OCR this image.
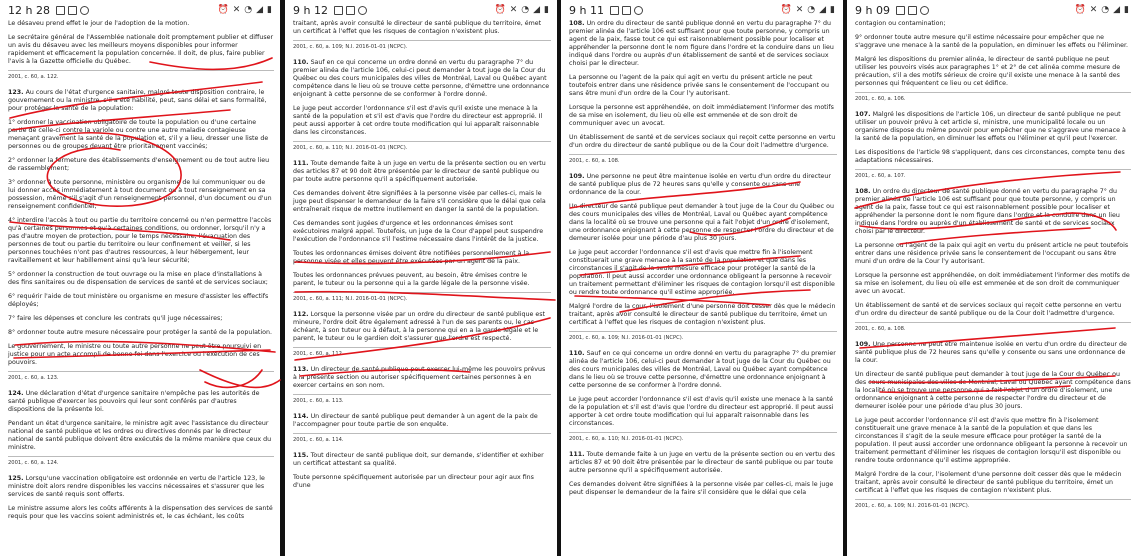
12 h 28	⏰ ✕ ◔ ◢ ▮

Le désaveu prend effet le jour de l'adoption de la motion.

Le secrétaire général de l'Assemblée nationale doit promptement publier et diffuser un avis du désaveu avec les meilleurs moyens disponibles pour informer rapidement et efficacement la population concernée. Il doit, de plus, faire publier l'avis à la Gazette officielle du Québec.

2001, c. 60, a. 122.

123. Au cours de l'état d'urgence sanitaire, malgré toute disposition contraire, le gouvernement ou la ministre, s'il a été habilité, peut, sans délai et sans formalité, pour protéger la santé de la population:

1° ordonner la vaccination obligatoire de toute la population ou d'une certaine partie de celle-ci contre la variole ou contre une autre maladie contagieuse menaçant gravement la santé de la population et, s'il y a lieu, dresser une liste de personnes ou de groupes devant être prioritairement vaccinés;

2° ordonner la fermeture des établissements d'enseignement ou de tout autre lieu de rassemblement;

3° ordonner à toute personne, ministère ou organisme de lui communiquer ou de lui donner accès immédiatement à tout document ou à tout renseignement en sa possession, même s'il s'agit d'un renseignement personnel, d'un document ou d'un renseignement confidentiel;

4° interdire l'accès à tout ou partie du territoire concerné ou n'en permettre l'accès qu'à certaines personnes et qu'à certaines conditions, ou ordonner, lorsqu'il n'y a pas d'autre moyen de protection, pour le temps nécessaire, l'évacuation des personnes de tout ou partie du territoire ou leur confinement et veiller, si les personnes touchées n'ont pas d'autres ressources, à leur hébergement, leur ravitaillement et leur habillement ainsi qu'à leur sécurité;

5° ordonner la construction de tout ouvrage ou la mise en place d'installations à des fins sanitaires ou de dispensation de services de santé et de services sociaux;

6° requérir l'aide de tout ministère ou organisme en mesure d'assister les effectifs déployés;

7° faire les dépenses et conclure les contrats qu'il juge nécessaires;

8° ordonner toute autre mesure nécessaire pour protéger la santé de la population.

Le gouvernement, le ministre ou toute autre personne ne peut être poursuivi en justice pour un acte accompli de bonne foi dans l'exercice ou l'exécution de ces pouvoirs.

2001, c. 60, a. 123.

124. Une déclaration d'état d'urgence sanitaire n'empêche pas les autorités de santé publique d'exercer les pouvoirs qui leur sont conférés par d'autres dispositions de la présente loi.

Pendant un état d'urgence sanitaire, le ministre agit avec l'assistance du directeur national de santé publique et les ordres ou directives donnés par le directeur national de santé publique doivent être exécutés de la même manière que ceux du ministre.

2001, c. 60, a. 124.

125. Lorsqu'une vaccination obligatoire est ordonnée en vertu de l'article 123, le ministre doit alors rendre disponibles les vaccins nécessaires et s'assurer que les services de santé requis sont offerts.

Le ministre assume alors les coûts afférents à la dispensation des services de santé requis pour que les vaccins soient administrés et, le cas échéant, les coûts

9 h 12	⏰ ✕ ◔ ◢ ▮

traitant, après avoir consulté le directeur de santé publique du territoire, émet un certificat à l'effet que les risques de contagion n'existent plus.

2001, c. 60, a. 109; N.I. 2016-01-01 (NCPC).

110. Sauf en ce qui concerne un ordre donné en vertu du paragraphe 7° du premier alinéa de l'article 106, celui-ci peut demander à tout juge de la Cour du Québec ou des cours municipales des villes de Montréal, Laval ou Québec ayant compétence dans le lieu où se trouve cette personne, d'émettre une ordonnance enjoignant à cette personne de se conformer à l'ordre donné.

Le juge peut accorder l'ordonnance s'il est d'avis qu'il existe une menace à la santé de la population et s'il est d'avis que l'ordre du directeur est approprié. Il peut aussi apporter à cet ordre toute modification qui lui apparaît raisonnable dans les circonstances.

2001, c. 60, a. 110; N.I. 2016-01-01 (NCPC).

111. Toute demande faite à un juge en vertu de la présente section ou en vertu des articles 87 et 90 doit être présentée par le directeur de santé publique ou par toute autre personne qu'il a spécifiquement autorisée.

Ces demandes doivent être signifiées à la personne visée par celles-ci, mais le juge peut dispenser le demandeur de la faire s'il considère que le délai que cela entraînerait risque de mettre inutilement en danger la santé de la population.

Ces demandes sont jugées d'urgence et les ordonnances émises sont exécutoires malgré appel. Toutefois, un juge de la Cour d'appel peut suspendre l'exécution de l'ordonnance s'il l'estime nécessaire dans l'intérêt de la justice.

Toutes les ordonnances émises doivent être notifiées personnellement à la personne visée et elles peuvent être exécutées par un agent de la paix.

Toutes les ordonnances prévues peuvent, au besoin, être émises contre le parent, le tuteur ou la personne qui a la garde légale de la personne visée.

2001, c. 60, a. 111; N.I. 2016-01-01 (NCPC).

112. Lorsque la personne visée par un ordre du directeur de santé publique est mineure, l'ordre doit être également adressé à l'un de ses parents ou, le cas échéant, à son tuteur ou à défaut, à la personne qui en a la garde légale et le parent, le tuteur ou le gardien doit s'assurer que l'ordre est respecté.

2001, c. 60, a. 112.

113. Un directeur de santé publique peut exercer lui-même les pouvoirs prévus à la présente section ou autoriser spécifiquement certaines personnes à en exercer certains en son nom.

2001, c. 60, a. 113.

114. Un directeur de santé publique peut demander à un agent de la paix de l'accompagner pour toute partie de son enquête.

2001, c. 60, a. 114.

115. Tout directeur de santé publique doit, sur demande, s'identifier et exhiber un certificat attestant sa qualité.

Toute personne spécifiquement autorisée par un directeur pour agir aux fins d'une

9 h 11	⏰ ✕ ◔ ◢ ▮

108. Un ordre du directeur de santé publique donné en vertu du paragraphe 7° du premier alinéa de l'article 106 est suffisant pour que toute personne, y compris un agent de la paix, fasse tout ce qui est raisonnablement possible pour localiser et appréhender la personne dont le nom figure dans l'ordre et la conduire dans un lieu indiqué dans l'ordre ou auprès d'un établissement de santé et de services sociaux choisi par le directeur.

La personne ou l'agent de la paix qui agit en vertu du présent article ne peut toutefois entrer dans une résidence privée sans le consentement de l'occupant ou sans être muni d'un ordre de la Cour l'y autorisant.

Lorsque la personne est appréhendée, on doit immédiatement l'informer des motifs de sa mise en isolement, du lieu où elle est emmenée et de son droit de communiquer avec un avocat.

Un établissement de santé et de services sociaux qui reçoit cette personne en vertu d'un ordre du directeur de santé publique ou de la Cour doit l'admettre d'urgence.

2001, c. 60, a. 108.

109. Une personne ne peut être maintenue isolée en vertu d'un ordre du directeur de santé publique plus de 72 heures sans qu'elle y consente ou sans une ordonnance de la cour.

Un directeur de santé publique peut demander à tout juge de la Cour du Québec ou des cours municipales des villes de Montréal, Laval ou Québec ayant compétence dans la localité où se trouve une personne qui a fait l'objet d'un ordre d'isolement, une ordonnance enjoignant à cette personne de respecter l'ordre du directeur et de demeurer isolée pour une période d'au plus 30 jours.

Le juge peut accorder l'ordonnance s'il est d'avis que mettre fin à l'isolement constituerait une grave menace à la santé de la population et que dans les circonstances il s'agit de la seule mesure efficace pour protéger la santé de la population. Il peut aussi accorder une ordonnance obligeant la personne à recevoir un traitement permettant d'éliminer les risques de contagion lorsqu'il est disponible ou rendre toute ordonnance qu'il estime appropriée.

Malgré l'ordre de la cour, l'isolement d'une personne doit cesser dès que le médecin traitant, après avoir consulté le directeur de santé publique du territoire, émet un certificat à l'effet que les risques de contagion n'existent plus.

2001, c. 60, a. 109; N.I. 2016-01-01 (NCPC).

110. Sauf en ce qui concerne un ordre donné en vertu du paragraphe 7° du premier alinéa de l'article 106, celui-ci peut demander à tout juge de la Cour du Québec ou des cours municipales des villes de Montréal, Laval ou Québec ayant compétence dans le lieu où se trouve cette personne, d'émettre une ordonnance enjoignant à cette personne de se conformer à l'ordre donné.

Le juge peut accorder l'ordonnance s'il est d'avis qu'il existe une menace à la santé de la population et s'il est d'avis que l'ordre du directeur est approprié. Il peut aussi apporter à cet ordre toute modification qui lui apparaît raisonnable dans les circonstances.

2001, c. 60, a. 110; N.I. 2016-01-01 (NCPC).

111. Toute demande faite à un juge en vertu de la présente section ou en vertu des articles 87 et 90 doit être présentée par le directeur de santé publique ou par toute autre personne qu'il a spécifiquement autorisée.

Ces demandes doivent être signifiées à la personne visée par celles-ci, mais le juge peut dispenser le demandeur de la faire s'il considère que le délai que cela

9 h 09	⏰ ✕ ◔ ◢ ▮

contagion ou contamination;

9° ordonner toute autre mesure qu'il estime nécessaire pour empêcher que ne s'aggrave une menace à la santé de la population, en diminuer les effets ou l'éliminer.

Malgré les dispositions du premier alinéa, le directeur de santé publique ne peut utiliser les pouvoirs visés aux paragraphes 1° et 2° de cet alinéa comme mesure de précaution, s'il a des motifs sérieux de croire qu'il existe une menace à la santé des personnes qui fréquentent ce lieu ou cet édifice.

2001, c. 60, a. 106.

107. Malgré les dispositions de l'article 106, un directeur de santé publique ne peut utiliser un pouvoir prévu à cet article si, ministre, une municipalité locale ou un organisme dispose du même pouvoir pour empêcher que ne s'aggrave une menace à la santé de la population, en diminuer les effets ou l'éliminer et qu'il peut l'exercer.

Les dispositions de l'article 98 s'appliquent, dans ces circonstances, compte tenu des adaptations nécessaires.

2001, c. 60, a. 107.

108. Un ordre du directeur de santé publique donné en vertu du paragraphe 7° du premier alinéa de l'article 106 est suffisant pour que toute personne, y compris un agent de la paix, fasse tout ce qui est raisonnablement possible pour localiser et appréhender la personne dont le nom figure dans l'ordre et la conduire dans un lieu indiqué dans l'ordre ou auprès d'un établissement de santé et de services sociaux choisi par le directeur.

La personne ou l'agent de la paix qui agit en vertu du présent article ne peut toutefois entrer dans une résidence privée sans le consentement de l'occupant ou sans être muni d'un ordre de la Cour l'y autorisant.

Lorsque la personne est appréhendée, on doit immédiatement l'informer des motifs de sa mise en isolement, du lieu où elle est emmenée et de son droit de communiquer avec un avocat.

Un établissement de santé et de services sociaux qui reçoit cette personne en vertu d'un ordre du directeur de santé publique ou de la Cour doit l'admettre d'urgence.

2001, c. 60, a. 108.

109. Une personne ne peut être maintenue isolée en vertu d'un ordre du directeur de santé publique plus de 72 heures sans qu'elle y consente ou sans une ordonnance de la cour.

Un directeur de santé publique peut demander à tout juge de la Cour du Québec ou des cours municipales des villes de Montréal, Laval ou Québec ayant compétence dans la localité où se trouve une personne qui a fait l'objet d'un ordre d'isolement, une ordonnance enjoignant à cette personne de respecter l'ordre du directeur et de demeurer isolée pour une période d'au plus 30 jours.

Le juge peut accorder l'ordonnance s'il est d'avis que mettre fin à l'isolement constituerait une grave menace à la santé de la population et que dans les circonstances il s'agit de la seule mesure efficace pour protéger la santé de la population. Il peut aussi accorder une ordonnance obligeant la personne à recevoir un traitement permettant d'éliminer les risques de contagion lorsqu'il est disponible ou rendre toute ordonnance qu'il estime appropriée.

Malgré l'ordre de la cour, l'isolement d'une personne doit cesser dès que le médecin traitant, après avoir consulté le directeur de santé publique du territoire, émet un certificat à l'effet que les risques de contagion n'existent plus.

2001, c. 60, a. 109; N.I. 2016-01-01 (NCPC).
